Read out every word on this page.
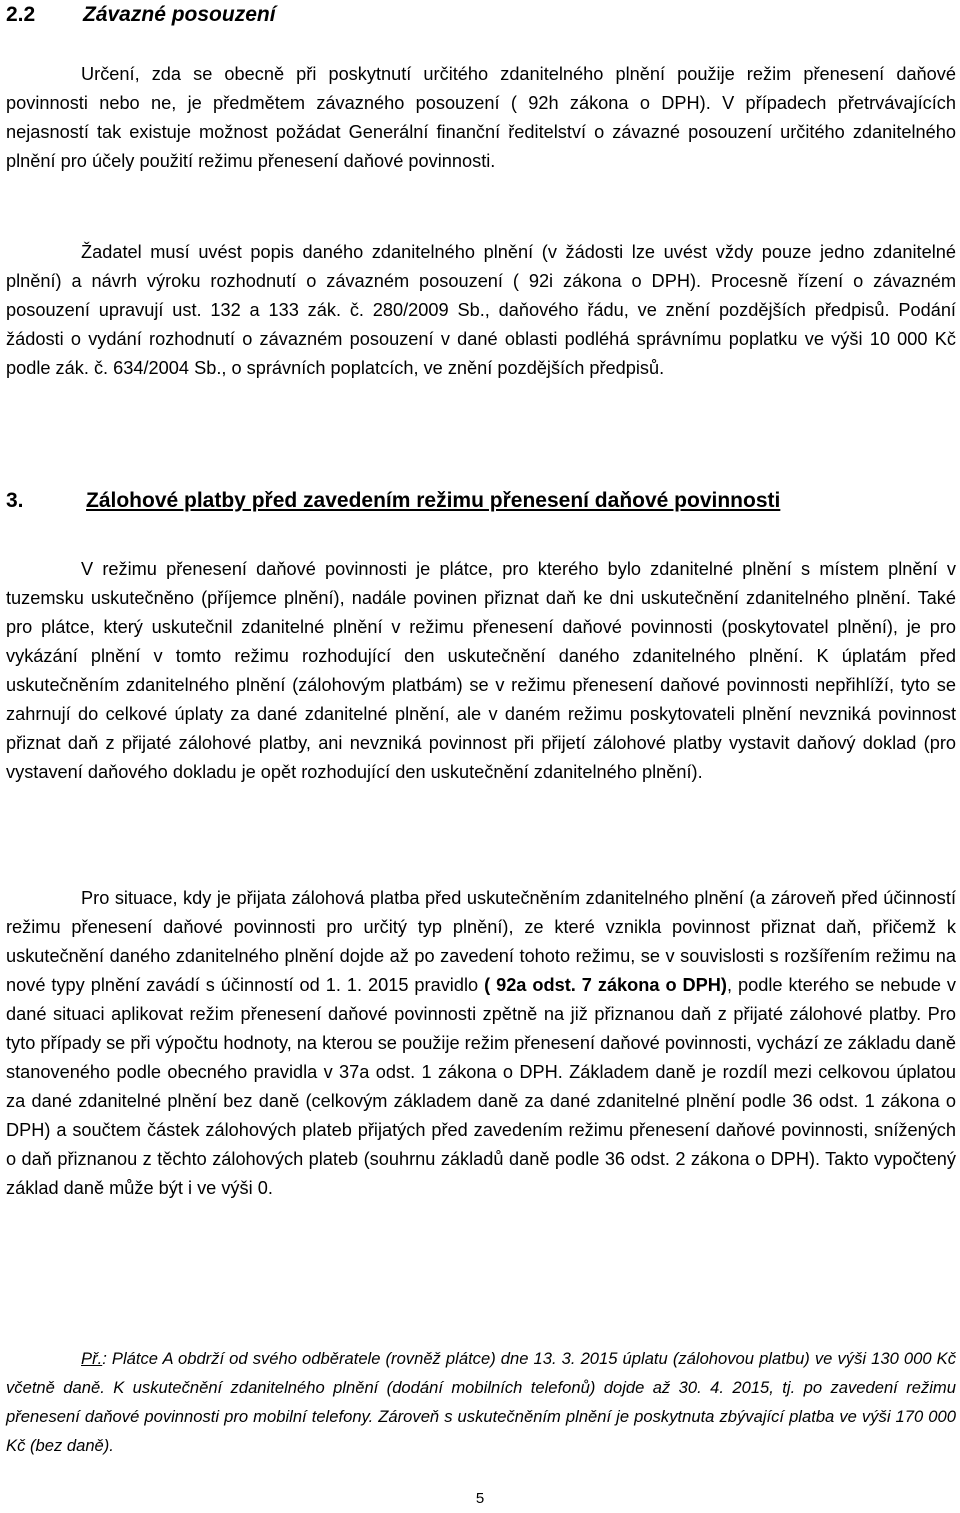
2.2 Závazné posouzení

Určení, zda se obecně při poskytnutí určitého zdanitelného plnění použije režim přenesení daňové povinnosti nebo ne, je předmětem závazného posouzení ( 92h zákona o DPH). V případech přetrvávajících nejasností tak existuje možnost požádat Generální finanční ředitelství o závazné posouzení určitého zdanitelného plnění pro účely použití režimu přenesení daňové povinnosti.

Žadatel musí uvést popis daného zdanitelného plnění (v žádosti lze uvést vždy pouze jedno zdanitelné plnění) a návrh výroku rozhodnutí o závazném posouzení ( 92i zákona o DPH). Procesně řízení o závazném posouzení upravují ust. 132 a 133 zák. č. 280/2009 Sb., daňového řádu, ve znění pozdějších předpisů. Podání žádosti o vydání rozhodnutí o závazném posouzení v dané oblasti podléhá správnímu poplatku ve výši 10 000 Kč podle zák. č. 634/2004 Sb., o správních poplatcích, ve znění pozdějších předpisů.

3.	Zálohové platby před zavedením režimu přenesení daňové povinnosti

V režimu přenesení daňové povinnosti je plátce, pro kterého bylo zdanitelné plnění s místem plnění v tuzemsku uskutečněno (příjemce plnění), nadále povinen přiznat daň ke dni uskutečnění zdanitelného plnění. Také pro plátce, který uskutečnil zdanitelné plnění v režimu přenesení daňové povinnosti (poskytovatel plnění), je pro vykázání plnění v tomto režimu rozhodující den uskutečnění daného zdanitelného plnění. K úplatám před uskutečněním zdanitelného plnění (zálohovým platbám) se v režimu přenesení daňové povinnosti nepřihlíží, tyto se zahrnují do celkové úplaty za dané zdanitelné plnění, ale v daném režimu poskytovateli plnění nevzniká povinnost přiznat daň z přijaté zálohové platby, ani nevzniká povinnost při přijetí zálohové platby vystavit daňový doklad (pro vystavení daňového dokladu je opět rozhodující den uskutečnění zdanitelného plnění).

Pro situace, kdy je přijata zálohová platba před uskutečněním zdanitelného plnění (a zároveň před účinností režimu přenesení daňové povinnosti pro určitý typ plnění), ze které vznikla povinnost přiznat daň, přičemž k uskutečnění daného zdanitelného plnění dojde až po zavedení tohoto režimu, se v souvislosti s rozšířením režimu na nové typy plnění zavádí s účinností od 1. 1. 2015 pravidlo ( 92a odst. 7 zákona o DPH), podle kterého se nebude v dané situaci aplikovat režim přenesení daňové povinnosti zpětně na již přiznanou daň z přijaté zálohové platby. Pro tyto případy se při výpočtu hodnoty, na kterou se použije režim přenesení daňové povinnosti, vychází ze základu daně stanoveného podle obecného pravidla v 37a odst. 1 zákona o DPH. Základem daně je rozdíl mezi celkovou úplatou za dané zdanitelné plnění bez daně (celkovým základem daně za dané zdanitelné plnění podle 36 odst. 1 zákona o DPH) a součtem částek zálohových plateb přijatých před zavedením režimu přenesení daňové povinnosti, snížených o daň přiznanou z těchto zálohových plateb (souhrnu základů daně podle 36 odst. 2 zákona o DPH). Takto vypočtený základ daně může být i ve výši 0.

Př.: Plátce A obdrží od svého odběratele (rovněž plátce) dne 13. 3. 2015 úplatu (zálohovou platbu) ve výši 130 000 Kč včetně daně. K uskutečnění zdanitelného plnění (dodání mobilních telefonů) dojde až 30. 4. 2015, tj. po zavedení režimu přenesení daňové povinnosti pro mobilní telefony. Zároveň s uskutečněním plnění je poskytnuta zbývající platba ve výši 170 000 Kč (bez daně).

5
